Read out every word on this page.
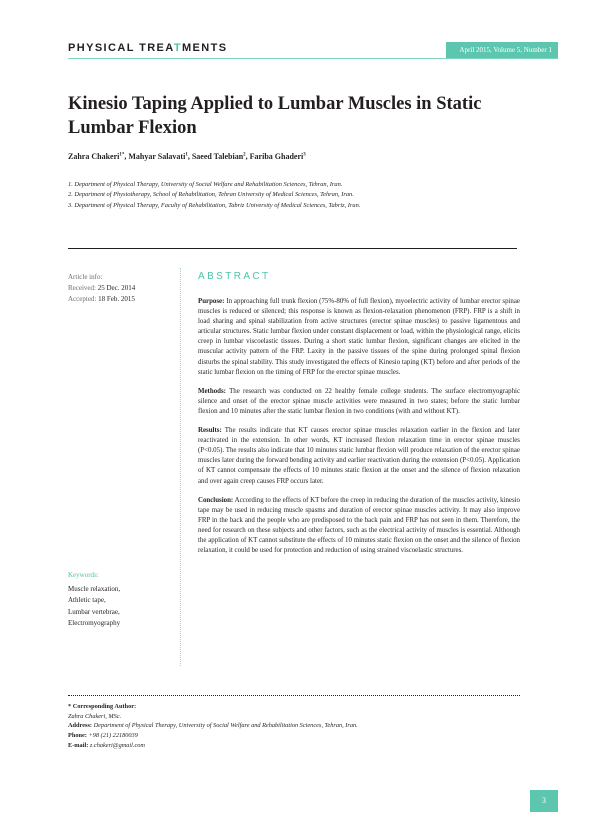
PHYSICAL TREATMENTS	April 2015, Volume 5, Number 1
Kinesio Taping Applied to Lumbar Muscles in Static Lumbar Flexion
Zahra Chakeri$^{1*}$, Mahyar Salavati$^1$, Saeed Talebian$^2$, Fariba Ghaderi$^3$
1. Department of Physical Therapy, University of Social Welfare and Rehabilitation Sciences, Tehran, Iran.
2. Department of Physiotherapy, School of Rehabilitation, Tehran University of Medical Sciences, Tehran, Iran.
3. Department of Physical Therapy, Faculty of Rehabilitation, Tabriz University of Medical Sciences, Tabriz, Iran.
Article info:
Received: 25 Dec. 2014
Accepted: 18 Feb. 2015
ABSTRACT

Purpose: In approaching full trunk flexion (75%-80% of full flexion), myoelectric activity of lumbar erector spinae muscles is reduced or silenced; this response is known as flexion-relaxation phenomenon (FRP). FRP is a shift in load sharing and spinal stabilization from active structures (erector spinae muscles) to passive ligamentous and articular structures. Static lumbar flexion under constant displacement or load, within the physiological range, elicits creep in lumbar viscoelastic tissues. During a short static lumbar flexion, significant changes are elicited in the muscular activity pattern of the FRP. Laxity in the passive tissues of the spine during prolonged spinal flexion disturbs the spinal stability. This study investigated the effects of Kinesio taping (KT) before and after periods of the static lumbar flexion on the timing of FRP for the erector spinae muscles.

Methods: The research was conducted on 22 healthy female college students. The surface electromyographic silence and onset of the erector spinae muscle activities were measured in two states; before the static lumbar flexion and 10 minutes after the static lumbar flexion in two conditions (with and without KT).

Results: The results indicate that KT causes erector spinae muscles relaxation earlier in the flexion and later reactivated in the extension. In other words, KT increased flexion relaxation time in erector spinae muscles (P<0.05). The results also indicate that 10 minutes static lumbar flexion will produce relaxation of the erector spinae muscles later during the forward bending activity and earlier reactivation during the extension (P<0.05). Application of KT cannot compensate the effects of 10 minutes static flexion at the onset and the silence of flexion relaxation and over again creep causes FRP occurs later.

Conclusion: According to the effects of KT before the creep in reducing the duration of the muscles activity, kinesio tape may be used in reducing muscle spasms and duration of erector spinae muscles activity. It may also improve FRP in the back and the people who are predisposed to the back pain and FRP has not seen in them. Therefore, the need for research on these subjects and other factors, such as the electrical activity of muscles is essential. Although the application of KT cannot substitute the effects of 10 minutes static flexion on the onset and the silence of flexion relaxation, it could be used for protection and reduction of using strained viscoelastic structures.

Keywords:
Muscle relaxation,
Athletic tape,
Lumbar vertebrae,
Electromyography
* Corresponding Author:
Zahra Chakeri, MSc.
Address: Department of Physical Therapy, University of Social Welfare and Rehabilitation Sciences, Tehran, Iran.
Phone: +98 (21) 22180039
E-mail: z.chakeri@gmail.com
3
